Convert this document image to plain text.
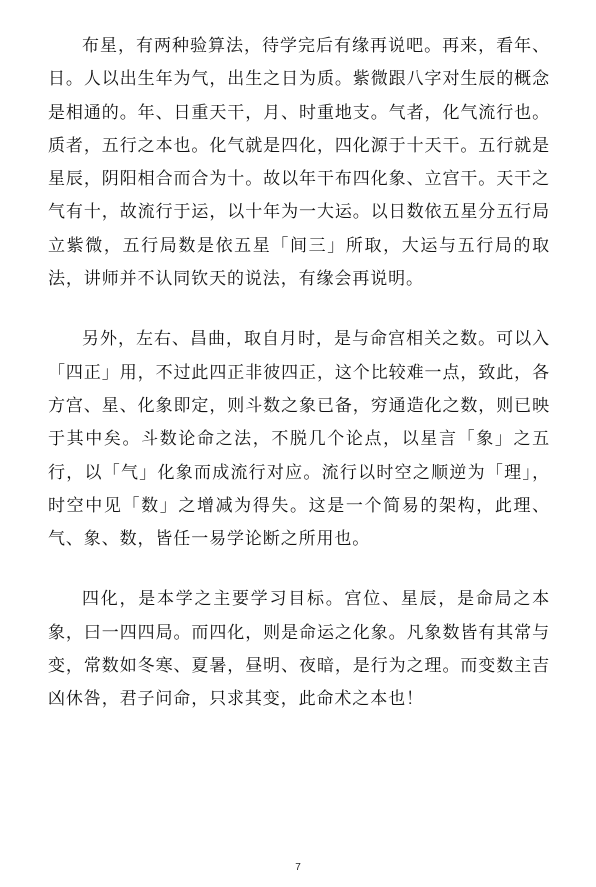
布星，有两种验算法，待学完后有缘再说吧。再来，看年、日。人以出生年为气，出生之日为质。紫微跟八字对生辰的概念是相通的。年、日重天干，月、时重地支。气者，化气流行也。质者，五行之本也。化气就是四化，四化源于十天干。五行就是星辰，阴阳相合而合为十。故以年干布四化象、立宫干。天干之气有十，故流行于运，以十年为一大运。以日数依五星分五行局立紫微，五行局数是依五星「间三」所取，大运与五行局的取法，讲师并不认同钦天的说法，有缘会再说明。

另外，左右、昌曲，取自月时，是与命宫相关之数。可以入「四正」用，不过此四正非彼四正，这个比较难一点，致此，各方宫、星、化象即定，则斗数之象已备，穷通造化之数，则已映于其中矣。斗数论命之法，不脱几个论点，以星言「象」之五行，以「气」化象而成流行对应。流行以时空之顺逆为「理」，时空中见「数」之增减为得失。这是一个简易的架构，此理、气、象、数，皆任一易学论断之所用也。

四化，是本学之主要学习目标。宫位、星辰，是命局之本象，曰一四四局。而四化，则是命运之化象。凡象数皆有其常与变，常数如冬寒、夏暑，昼明、夜暗，是行为之理。而变数主吉凶休咎，君子问命，只求其变，此命术之本也！

7
